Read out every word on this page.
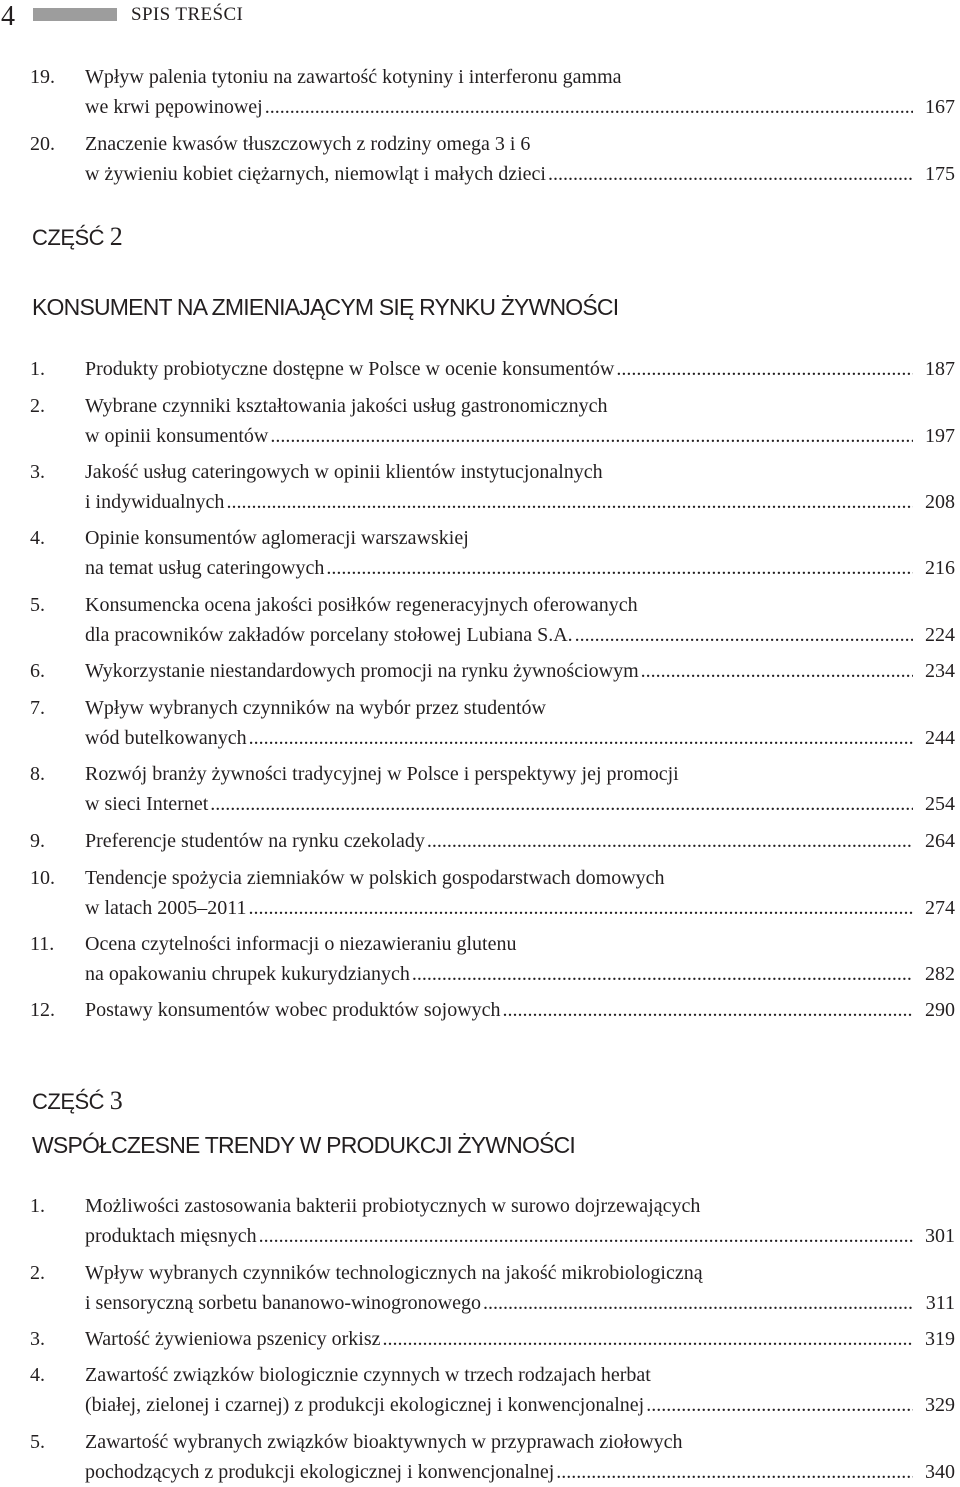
4	SPIS TREŚCI
19.	Wpływ palenia tytoniu na zawartość kotyniny i interferonu gamma
we krwi pępowinowej .....	167
20.	Znaczenie kwasów tłuszczowych z rodziny omega 3 i 6
w żywieniu kobiet ciężarnych, niemowląt i małych dzieci .....	175
CZĘŚĆ 2
KONSUMENT NA ZMIENIAJĄCYM SIĘ RYNKU ŻYWNOŚCI
1.	Produkty probiotyczne dostępne w Polsce w ocenie konsumentów .....	187
2.	Wybrane czynniki kształtowania jakości usług gastronomicznych
w opinii konsumentów .....	197
3.	Jakość usług cateringowych w opinii klientów instytucjonalnych
i indywidualnych .....	208
4.	Opinie konsumentów aglomeracji warszawskiej
na temat usług cateringowych .....	216
5.	Konsumencka ocena jakości posiłków regeneracyjnych oferowanych
dla pracowników zakładów porcelany stołowej Lubiana S.A. .....	224
6.	Wykorzystanie niestandardowych promocji na rynku żywnościowym .....	234
7.	Wpływ wybranych czynników na wybór przez studentów
wód butelkowanych .....	244
8.	Rozwój branży żywności tradycyjnej w Polsce i perspektywy jej promocji
w sieci Internet .....	254
9.	Preferencje studentów na rynku czekolady .....	264
10.	Tendencje spożycia ziemniaków w polskich gospodarstwach domowych
w latach 2005–2011 .....	274
11.	Ocena czytelności informacji o niezawieraniu glutenu
na opakowaniu chrupek kukurydzianych .....	282
12.	Postawy konsumentów wobec produktów sojowych .....	290
CZĘŚĆ 3
WSPÓŁCZESNE TRENDY W PRODUKCJI ŻYWNOŚCI
1.	Możliwości zastosowania bakterii probiotycznych w surowo dojrzewających
produktach mięsnych .....	301
2.	Wpływ wybranych czynników technologicznych na jakość mikrobiologiczną
i sensoryczną sorbetu bananowo-winogronowego .....	311
3.	Wartość żywieniowa pszenicy orkisz .....	319
4.	Zawartość związków biologicznie czynnych w trzech rodzajach herbat
(białej, zielonej i czarnej) z produkcji ekologicznej i konwencjonalnej .....	329
5.	Zawartość wybranych związków bioaktywnych w przyprawach ziołowych
pochodzących z produkcji ekologicznej i konwencjonalnej .....	340
